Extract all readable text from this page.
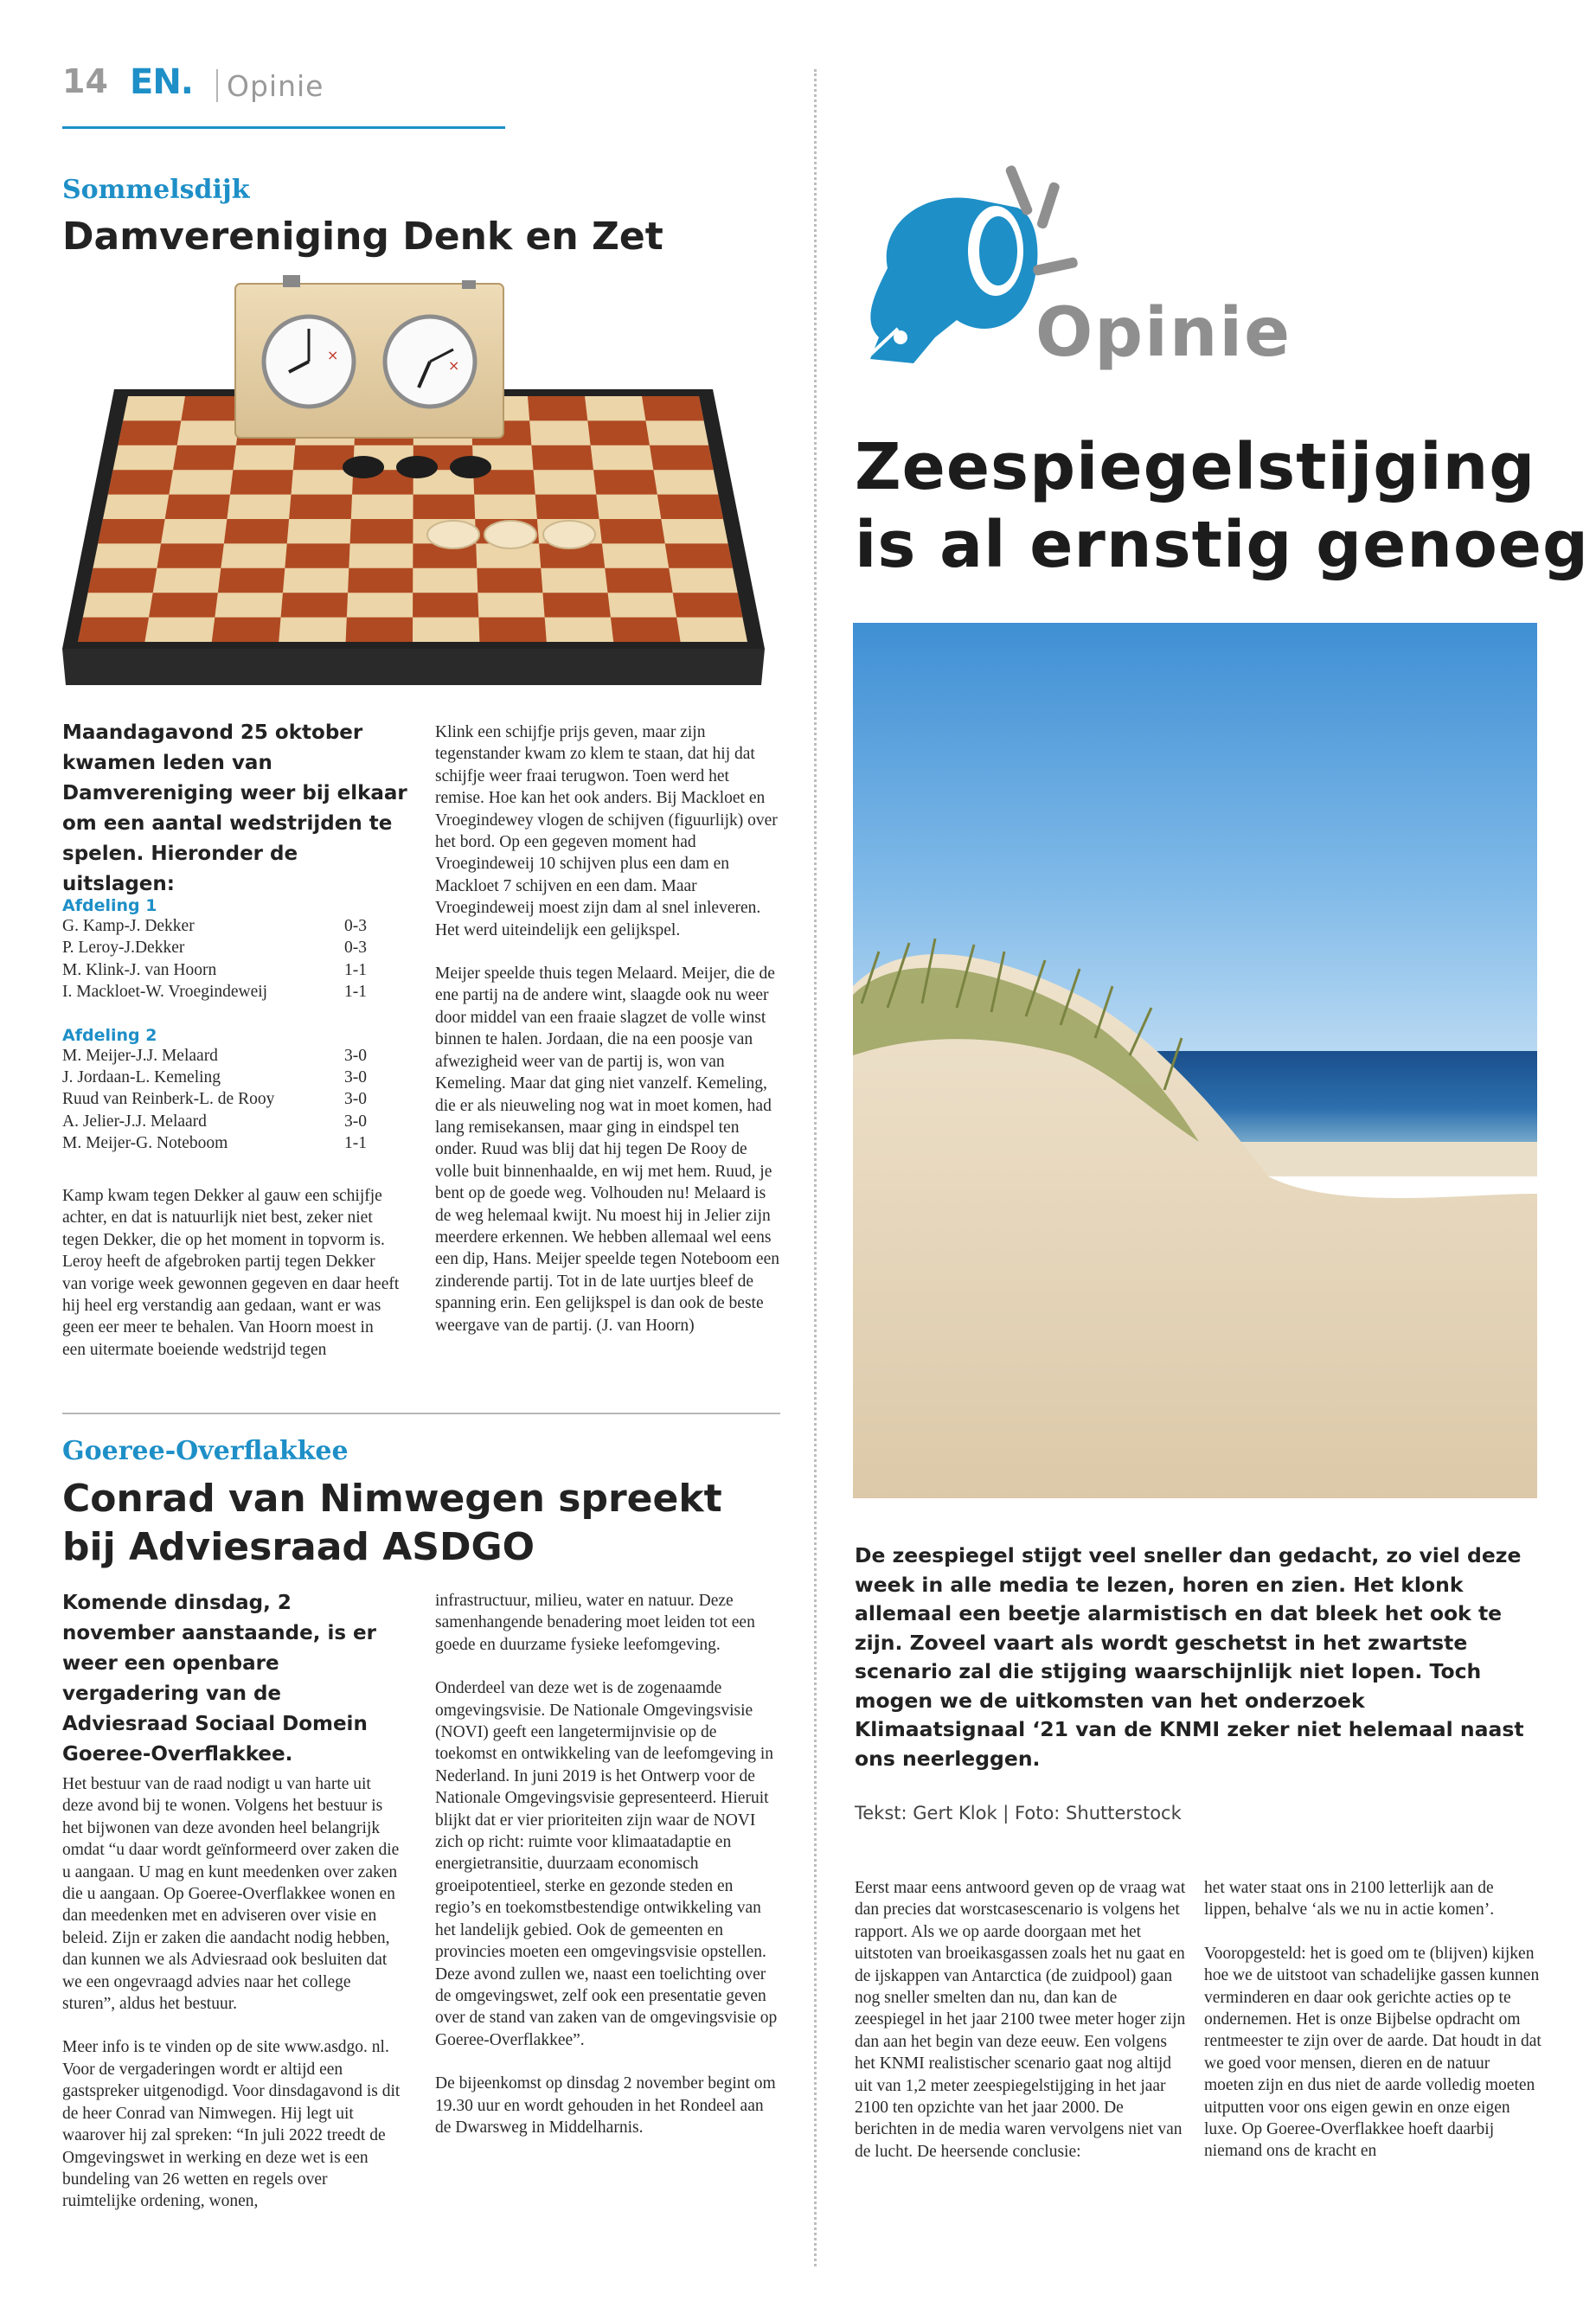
14 EN. Opinie
Sommelsdijk
Damvereniging Denk en Zet
×
×
Maandagavond 25 oktober kwamen leden van Damvereniging weer bij elkaar om een aantal wedstrijden te spelen. Hieronder de uitslagen:
Afdeling 1
G. Kamp-J. Dekker	0-3
P. Leroy-J.Dekker	0-3
M. Klink-J. van Hoorn	1-1
I. Mackloet-W. Vroegindeweij	1-1
Afdeling 2
M. Meijer-J.J. Melaard	3-0
J. Jordaan-L. Kemeling	3-0
Ruud van Reinberk-L. de Rooy	3-0
A. Jelier-J.J. Melaard	3-0
M. Meijer-G. Noteboom	1-1

Kamp kwam tegen Dekker al gauw een schijfje achter, en dat is natuurlijk niet best, zeker niet tegen Dekker, die op het moment in topvorm is. Leroy heeft de afgebroken partij tegen Dekker van vorige week gewonnen gegeven en daar heeft hij heel erg verstandig aan gedaan, want er was geen eer meer te behalen. Van Hoorn moest in een uitermate boeiende wedstrijd tegen

Klink een schijfje prijs geven, maar zijn tegenstander kwam zo klem te staan, dat hij dat schijfje weer fraai terugwon. Toen werd het remise. Hoe kan het ook anders. Bij Mackloet en Vroegindewey vlogen de schijven (figuurlijk) over het bord. Op een gegeven moment had Vroegindeweij 10 schijven plus een dam en Mackloet 7 schijven en een dam. Maar Vroegindeweij moest zijn dam al snel inleveren. Het werd uiteindelijk een gelijkspel.

Meijer speelde thuis tegen Melaard. Meijer, die de ene partij na de andere wint, slaagde ook nu weer door middel van een fraaie slagzet de volle winst binnen te halen. Jordaan, die na een poosje van afwezigheid weer van de partij is, won van Kemeling. Maar dat ging niet vanzelf. Kemeling, die er als nieuweling nog wat in moet komen, had lang remisekansen, maar ging in eindspel ten onder. Ruud was blij dat hij tegen De Rooy de volle buit binnenhaalde, en wij met hem. Ruud, je bent op de goede weg. Volhouden nu! Melaard is de weg helemaal kwijt. Nu moest hij in Jelier zijn meerdere erkennen. We hebben allemaal wel eens een dip, Hans. Meijer speelde tegen Noteboom een zinderende partij. Tot in de late uurtjes bleef de spanning erin. Een gelijkspel is dan ook de beste weergave van de partij. (J. van Hoorn)

Goeree-Overflakkee
Conrad van Nimwegen spreekt
bij Adviesraad ASDGO
Komende dinsdag, 2 november aanstaande, is er weer een openbare vergadering van de Adviesraad Sociaal Domein Goeree-Overflakkee.

Het bestuur van de raad nodigt u van harte uit deze avond bij te wonen. Volgens het bestuur is het bijwonen van deze avonden heel belangrijk omdat “u daar wordt geïnformeerd over zaken die u aangaan. U mag en kunt meedenken over zaken die u aangaan. Op Goeree-Overflakkee wonen en dan meedenken met en adviseren over visie en beleid. Zijn er zaken die aandacht nodig hebben, dan kunnen we als Adviesraad ook besluiten dat we een ongevraagd advies naar het college sturen”, aldus het bestuur.

Meer info is te vinden op de site www.asdgo. nl. Voor de vergaderingen wordt er altijd een gastspreker uitgenodigd. Voor dinsdagavond is dit de heer Conrad van Nimwegen. Hij legt uit waarover hij zal spreken: “In juli 2022 treedt de Omgevingswet in werking en deze wet is een bundeling van 26 wetten en regels over ruimtelijke ordening, wonen,

infrastructuur, milieu, water en natuur. Deze samenhangende benadering moet leiden tot een goede en duurzame fysieke leefomgeving.

Onderdeel van deze wet is de zogenaamde omgevingsvisie. De Nationale Omgevingsvisie (NOVI) geeft een langetermijnvisie op de toekomst en ontwikkeling van de leefomgeving in Nederland. In juni 2019 is het Ontwerp voor de Nationale Omgevingsvisie gepresenteerd. Hieruit blijkt dat er vier prioriteiten zijn waar de NOVI zich op richt: ruimte voor klimaatadaptie en energietransitie, duurzaam economisch groeipotentieel, sterke en gezonde steden en regio’s en toekomstbestendige ontwikkeling van het landelijk gebied. Ook de gemeenten en provincies moeten een omgevingsvisie opstellen. Deze avond zullen we, naast een toelichting over de omgevingswet, zelf ook een presentatie geven over de stand van zaken van de omgevingsvisie op Goeree-Overflakkee”.

De bijeenkomst op dinsdag 2 november begint om 19.30 uur en wordt gehouden in het Rondeel aan de Dwarsweg in Middelharnis.

Opinie
Zeespiegelstijging
is al ernstig genoeg
De zeespiegel stijgt veel sneller dan gedacht, zo viel deze week in alle media te lezen, horen en zien. Het klonk allemaal een beetje alarmistisch en dat bleek het ook te zijn. Zoveel vaart als wordt geschetst in het zwartste scenario zal die stijging waarschijnlijk niet lopen. Toch mogen we de uitkomsten van het onderzoek Klimaatsignaal ‘21 van de KNMI zeker niet helemaal naast ons neerleggen.
Tekst: Gert Klok | Foto: Shutterstock

Eerst maar eens antwoord geven op de vraag wat dan precies dat worstcasescenario is volgens het rapport. Als we op aarde doorgaan met het uitstoten van broeikasgassen zoals het nu gaat en de ijskappen van Antarctica (de zuidpool) gaan nog sneller smelten dan nu, dan kan de zeespiegel in het jaar 2100 twee meter hoger zijn dan aan het begin van deze eeuw. Een volgens het KNMI realistischer scenario gaat nog altijd uit van 1,2 meter zeespiegelstijging in het jaar 2100 ten opzichte van het jaar 2000. De berichten in de media waren vervolgens niet van de lucht. De heersende conclusie:

het water staat ons in 2100 letterlijk aan de lippen, behalve ‘als we nu in actie komen’.

Vooropgesteld: het is goed om te (blijven) kijken hoe we de uitstoot van schadelijke gassen kunnen verminderen en daar ook gerichte acties op te ondernemen. Het is onze Bijbelse opdracht om rentmeester te zijn over de aarde. Dat houdt in dat we goed voor mensen, dieren en de natuur moeten zijn en dus niet de aarde volledig moeten uitputten voor ons eigen gewin en onze eigen luxe. Op Goeree-Overflakkee hoeft daarbij niemand ons de kracht en
